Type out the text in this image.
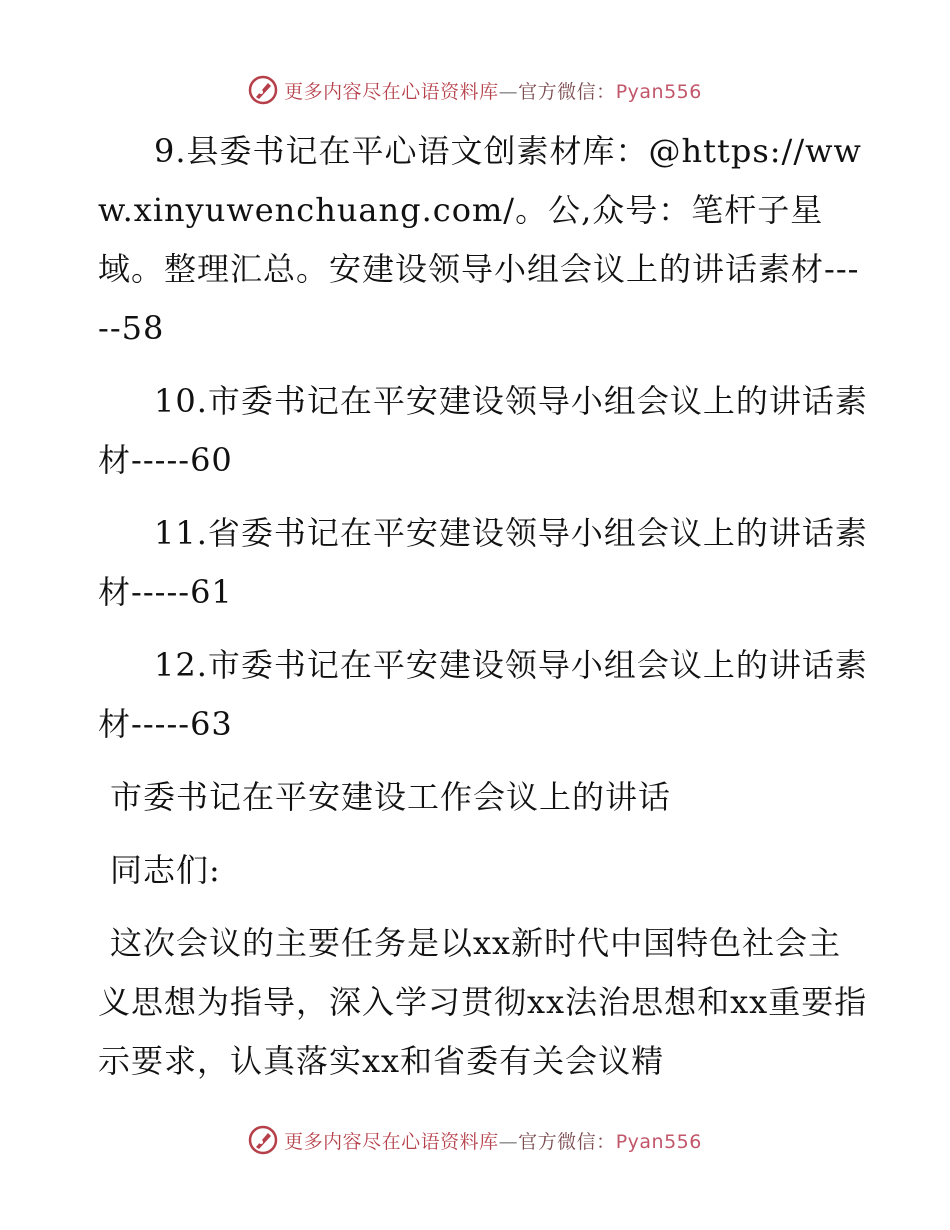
更多内容尽在心语资料库—官方微信：Pyan556

9.县委书记在平心语文创素材库：@https://www.xinyuwenchuang.com/。公,众号：笔杆子星域。整理汇总。安建设领导小组会议上的讲话素材-----58

10.市委书记在平安建设领导小组会议上的讲话素材-----60

11.省委书记在平安建设领导小组会议上的讲话素材-----61

12.市委书记在平安建设领导小组会议上的讲话素材-----63

市委书记在平安建设工作会议上的讲话

同志们:

这次会议的主要任务是以xx新时代中国特色社会主义思想为指导，深入学习贯彻xx法治思想和xx重要指示要求，认真落实xx和省委有关会议精

更多内容尽在心语资料库—官方微信：Pyan556
